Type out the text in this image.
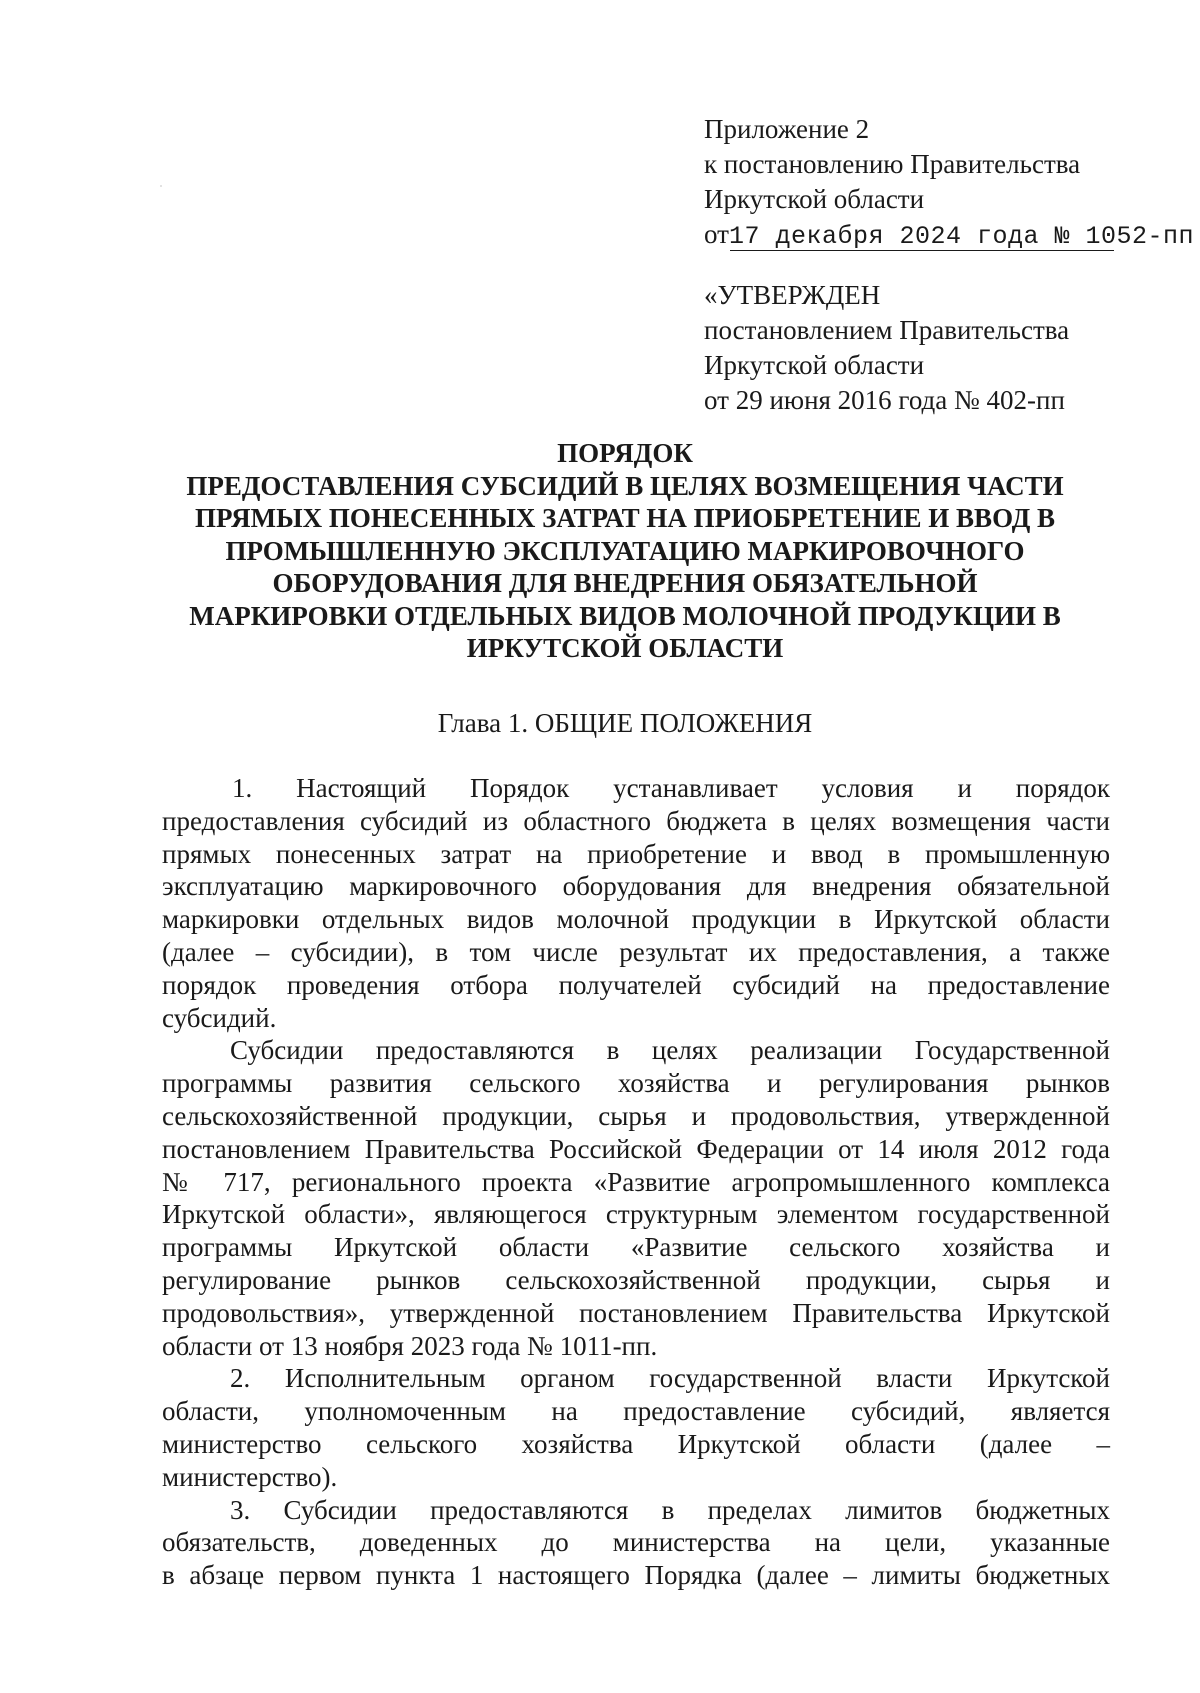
Приложение 2
к постановлению Правительства
Иркутской области
от17 декабря 2024 года № 1052-пп
«УТВЕРЖДЕН
постановлением Правительства
Иркутской области
от 29 июня 2016 года № 402-пп
ПОРЯДОК
ПРЕДОСТАВЛЕНИЯ СУБСИДИЙ В ЦЕЛЯХ ВОЗМЕЩЕНИЯ ЧАСТИ
ПРЯМЫХ ПОНЕСЕННЫХ ЗАТРАТ НА ПРИОБРЕТЕНИЕ И ВВОД В
ПРОМЫШЛЕННУЮ ЭКСПЛУАТАЦИЮ МАРКИРОВОЧНОГО
ОБОРУДОВАНИЯ ДЛЯ ВНЕДРЕНИЯ ОБЯЗАТЕЛЬНОЙ
МАРКИРОВКИ ОТДЕЛЬНЫХ ВИДОВ МОЛОЧНОЙ ПРОДУКЦИИ В
ИРКУТСКОЙ ОБЛАСТИ
Глава 1. ОБЩИЕ ПОЛОЖЕНИЯ
1. Настоящий Порядок устанавливает условия и порядок
предоставления субсидий из областного бюджета в целях возмещения части
прямых понесенных затрат на приобретение и ввод в промышленную
эксплуатацию маркировочного оборудования для внедрения обязательной
маркировки отдельных видов молочной продукции в Иркутской области
(далее – субсидии), в том числе результат их предоставления, а также
порядок проведения отбора получателей субсидий на предоставление
субсидий.
Субсидии предоставляются в целях реализации Государственной
программы развития сельского хозяйства и регулирования рынков
сельскохозяйственной продукции, сырья и продовольствия, утвержденной
постановлением Правительства Российской Федерации от 14 июля 2012 года
№ 717, регионального проекта «Развитие агропромышленного комплекса
Иркутской области», являющегося структурным элементом государственной
программы Иркутской области «Развитие сельского хозяйства и
регулирование рынков сельскохозяйственной продукции, сырья и
продовольствия», утвержденной постановлением Правительства Иркутской
области от 13 ноября 2023 года № 1011-пп.
2. Исполнительным органом государственной власти Иркутской
области, уполномоченным на предоставление субсидий, является
министерство сельского хозяйства Иркутской области (далее –
министерство).
3. Субсидии предоставляются в пределах лимитов бюджетных
обязательств, доведенных до министерства на цели, указанные
в абзаце первом пункта 1 настоящего Порядка (далее – лимиты бюджетных
